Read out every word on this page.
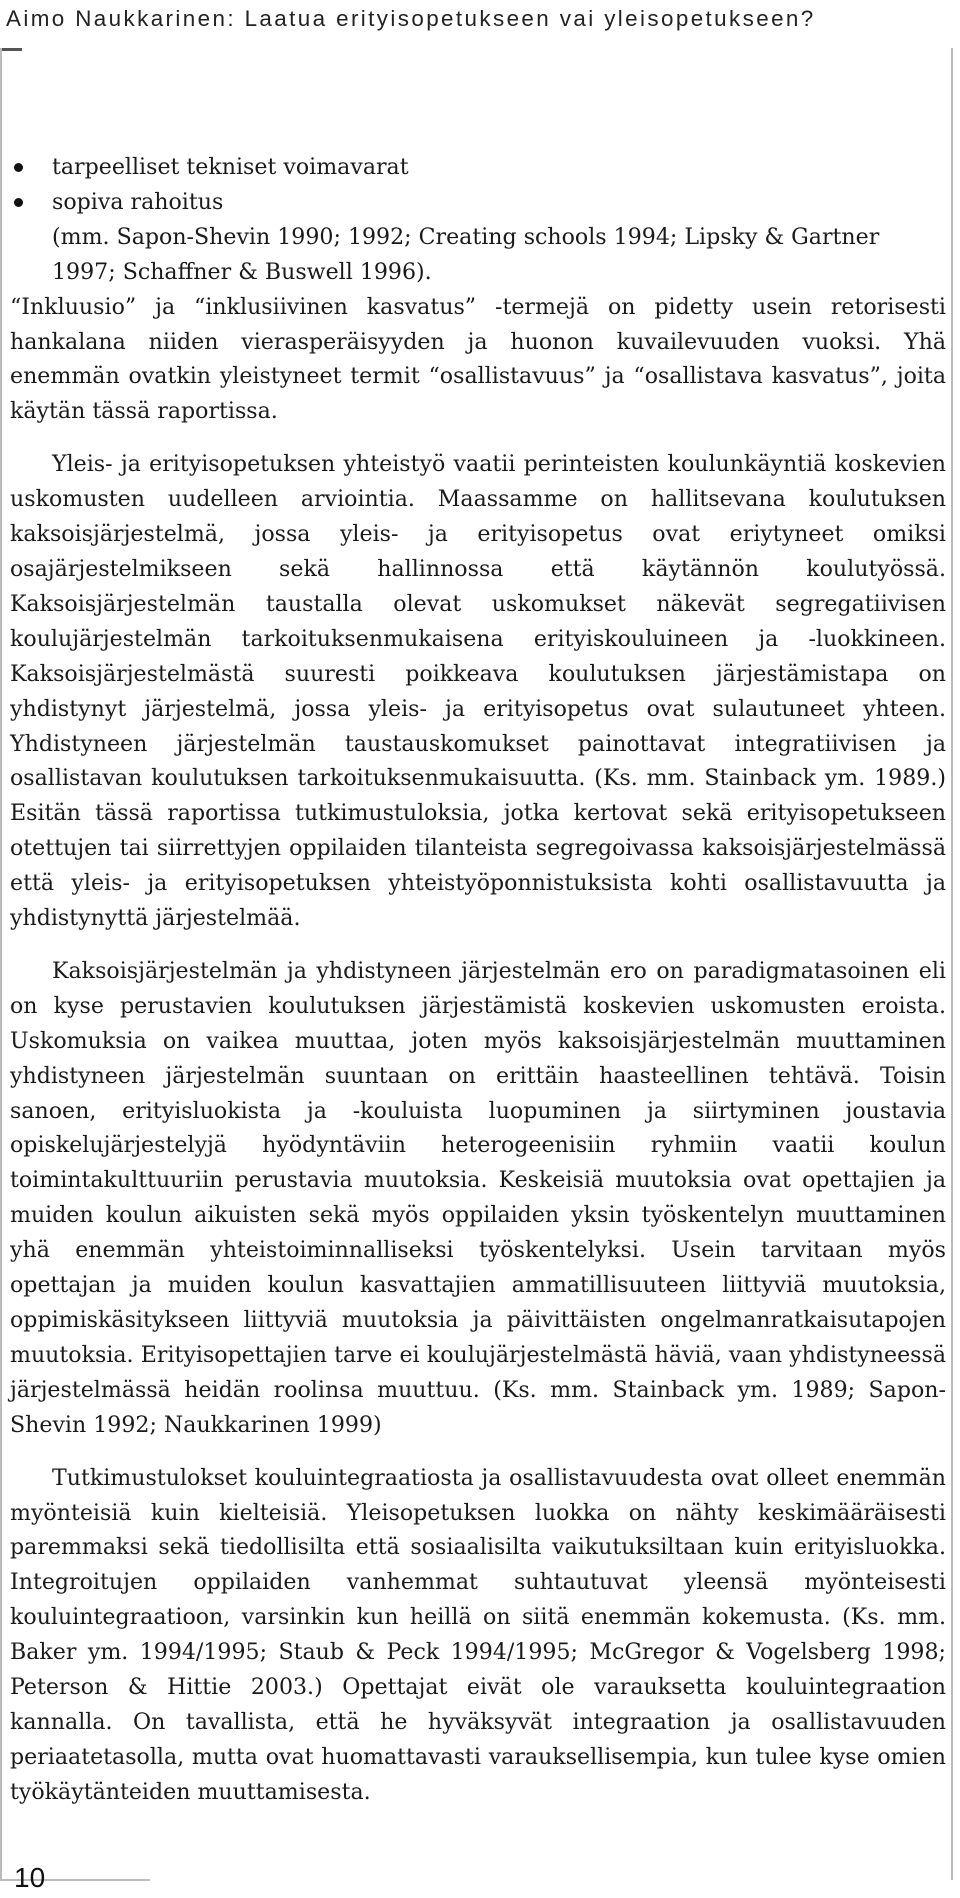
Aimo Naukkarinen: Laatua erityisopetukseen vai yleisopetukseen?
tarpeelliset tekniset voimavarat
sopiva rahoitus

(mm. Sapon-Shevin 1990; 1992; Creating schools 1994; Lipsky & Gartner 1997; Schaffner & Buswell 1996).

“Inkluusio” ja “inklusiivinen kasvatus” -termejä on pidetty usein retorisesti hankalana niiden vierasperäisyyden ja huonon kuvailevuuden vuoksi. Yhä enemmän ovatkin yleistyneet termit “osallistavuus” ja “osallistava kasvatus”, joita käytän tässä raportissa.

Yleis- ja erityisopetuksen yhteistyö vaatii perinteisten koulunkäyntiä koskevien uskomusten uudelleen arviointia. Maassamme on hallitsevana koulutuksen kaksoisjärjestelmä, jossa yleis- ja erityisopetus ovat eriytyneet omiksi osajärjestelmikseen sekä hallinnossa että käytännön koulutyössä. Kaksoisjärjestelmän taustalla olevat uskomukset näkevät segregatiivisen koulujärjestelmän tarkoituksenmukaisena erityiskouluineen ja -luokkineen. Kaksoisjärjestelmästä suuresti poikkeava koulutuksen järjestämistapa on yhdistynyt järjestelmä, jossa yleis- ja erityisopetus ovat sulautuneet yhteen. Yhdistyneen järjestelmän taustauskomukset painottavat integratiivisen ja osallistavan koulutuksen tarkoituksenmukaisuutta. (Ks. mm. Stainback ym. 1989.) Esitän tässä raportissa tutkimustuloksia, jotka kertovat sekä erityisopetukseen otettujen tai siirrettyjen oppilaiden tilanteista segregoivassa kaksoisjärjestelmässä että yleis- ja erityisopetuksen yhteistyöponnistuksista kohti osallistavuutta ja yhdistynyttä järjestelmää.

Kaksoisjärjestelmän ja yhdistyneen järjestelmän ero on paradigmatasoinen eli on kyse perustavien koulutuksen järjestämistä koskevien uskomusten eroista. Uskomuksia on vaikea muuttaa, joten myös kaksoisjärjestelmän muuttaminen yhdistyneen järjestelmän suuntaan on erittäin haasteellinen tehtävä. Toisin sanoen, erityisluokista ja -kouluista luopuminen ja siirtyminen joustavia opiskelujärjestelyjä hyödyntäviin heterogeenisiin ryhmiin vaatii koulun toimintakulttuuriin perustavia muutoksia. Keskeisiä muutoksia ovat opettajien ja muiden koulun aikuisten sekä myös oppilaiden yksin työskentelyn muuttaminen yhä enemmän yhteistoiminnalliseksi työskentelyksi. Usein tarvitaan myös opettajan ja muiden koulun kasvattajien ammatillisuuteen liittyviä muutoksia, oppimiskäsitykseen liittyviä muutoksia ja päivittäisten ongelmanratkaisutapojen muutoksia. Erityisopettajien tarve ei koulujärjestelmästä häviä, vaan yhdistyneessä järjestelmässä heidän roolinsa muuttuu. (Ks. mm. Stainback ym. 1989; Sapon-Shevin 1992; Naukkarinen 1999)

Tutkimustulokset kouluintegraatiosta ja osallistavuudesta ovat olleet enemmän myönteisiä kuin kielteisiä. Yleisopetuksen luokka on nähty keskimääräisesti paremmaksi sekä tiedollisilta että sosiaalisilta vaikutuksiltaan kuin erityisluokka. Integroitujen oppilaiden vanhemmat suhtautuvat yleensä myönteisesti kouluintegraatioon, varsinkin kun heillä on siitä enemmän kokemusta. (Ks. mm. Baker ym. 1994/1995; Staub & Peck 1994/1995; McGregor & Vogelsberg 1998; Peterson & Hittie 2003.) Opettajat eivät ole varauksetta kouluintegraation kannalla. On tavallista, että he hyväksyvät integraation ja osallistavuuden periaatetasolla, mutta ovat huomattavasti varauksellisempia, kun tulee kyse omien työkäytänteiden muuttamisesta.

10
